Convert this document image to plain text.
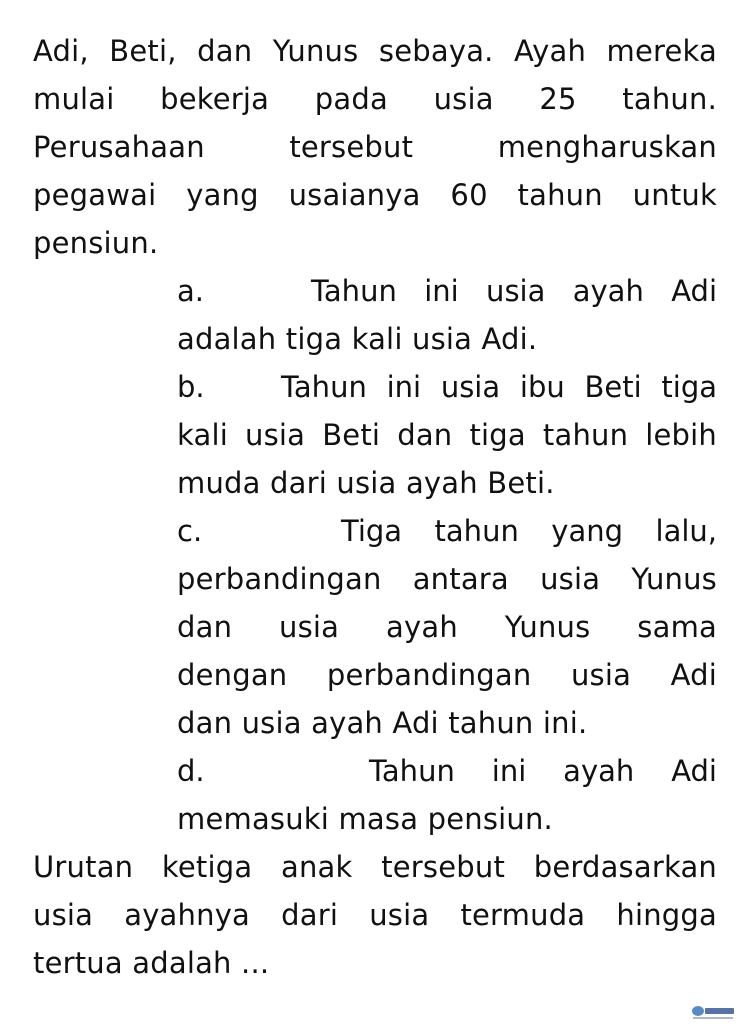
Adi, Beti, dan Yunus sebaya. Ayah mereka
mulai bekerja pada usia 25 tahun.
Perusahaan tersebut mengharuskan
pegawai yang usaianya 60 tahun untuk
pensiun.
a.	Tahun ini usia ayah Adi
adalah tiga kali usia Adi.
b.	Tahun ini usia ibu Beti tiga
kali usia Beti dan tiga tahun lebih
muda dari usia ayah Beti.
c.	Tiga tahun yang lalu,
perbandingan antara usia Yunus
dan usia ayah Yunus sama
dengan perbandingan usia Adi
dan usia ayah Adi tahun ini.
d.	Tahun ini ayah Adi
memasuki masa pensiun.
Urutan ketiga anak tersebut berdasarkan
usia ayahnya dari usia termuda hingga
tertua adalah ...
